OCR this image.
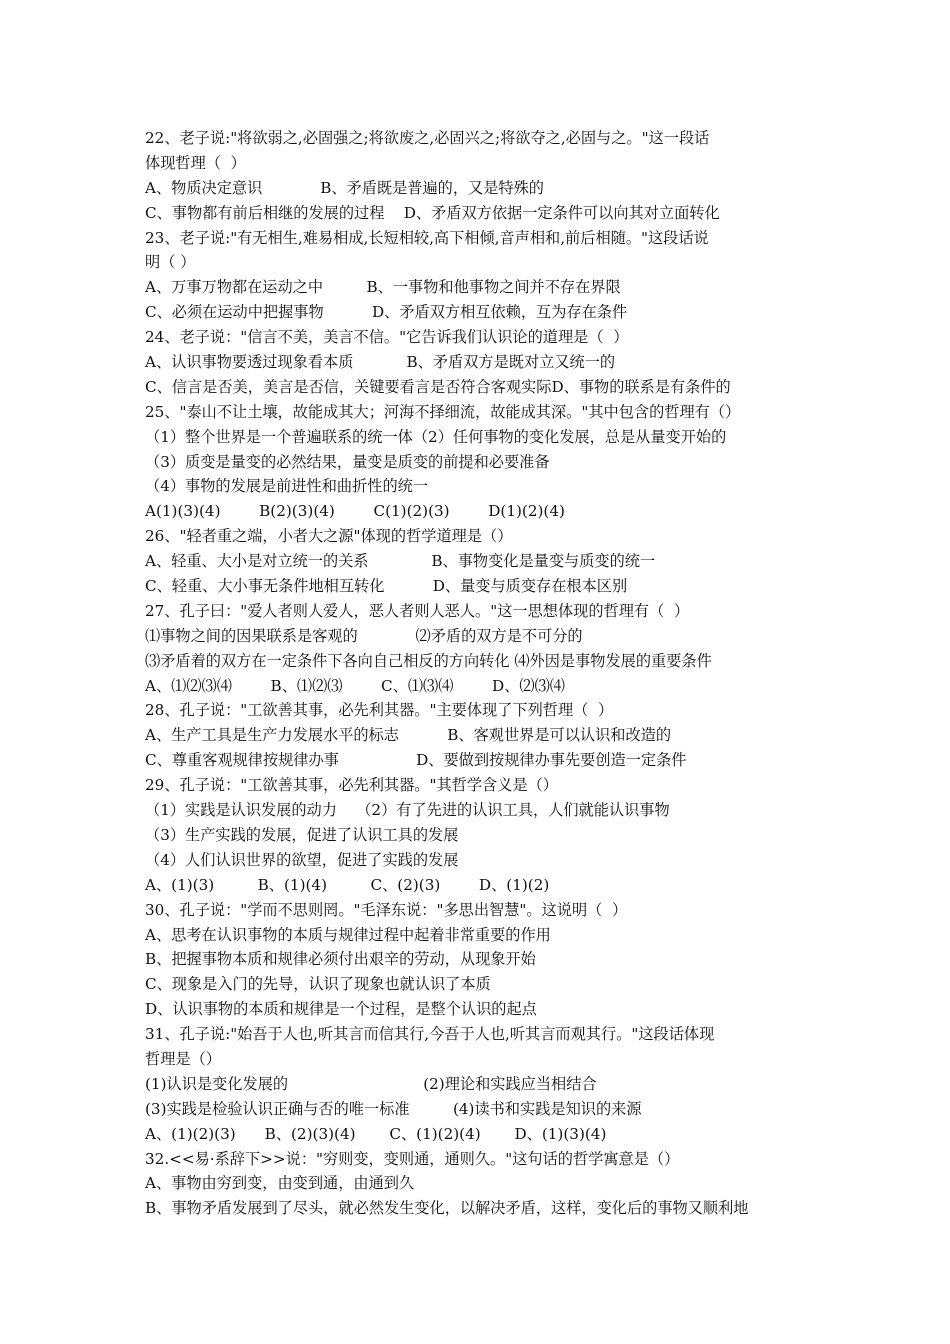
22、老子说:"将欲弱之,必固强之;将欲废之,必固兴之;将欲夺之,必固与之。"这一段话
体现哲理（  ）
A、物质决定意识            B、矛盾既是普遍的，又是特殊的
C、事物都有前后相继的发展的过程    D、矛盾双方依据一定条件可以向其对立面转化
23、老子说:"有无相生,难易相成,长短相较,高下相倾,音声相和,前后相随。"这段话说
明（ ）
A、万事万物都在运动之中         B、一事物和他事物之间并不存在界限
C、必须在运动中把握事物          D、矛盾双方相互依赖，互为存在条件
24、老子说："信言不美，美言不信。"它告诉我们认识论的道理是（  ）
A、认识事物要透过现象看本质           B、矛盾双方是既对立又统一的
C、信言是否美，美言是否信，关键要看言是否符合客观实际D、事物的联系是有条件的
25、"泰山不让土壤，故能成其大；河海不择细流，故能成其深。"其中包含的哲理有（）
（1）整个世界是一个普遍联系的统一体（2）任何事物的变化发展，总是从量变开始的
（3）质变是量变的必然结果，量变是质变的前提和必要准备
（4）事物的发展是前进性和曲折性的统一
A(1)(3)(4)        B(2)(3)(4)        C(1)(2)(3)        D(1)(2)(4)
26、"轻者重之端，小者大之源"体现的哲学道理是（）
A、轻重、大小是对立统一的关系             B、事物变化是量变与质变的统一
C、轻重、大小事无条件地相互转化          D、量变与质变存在根本区别
27、孔子曰："爱人者则人爱人，恶人者则人恶人。"这一思想体现的哲理有（  ）
⑴事物之间的因果联系是客观的            ⑵矛盾的双方是不可分的
⑶矛盾着的双方在一定条件下各向自己相反的方向转化 ⑷外因是事物发展的重要条件
A、⑴⑵⑶⑷        B、⑴⑵⑶        C、⑴⑶⑷        D、⑵⑶⑷
28、孔子说："工欲善其事，必先利其器。"主要体现了下列哲理（  ）
A、生产工具是生产力发展水平的标志          B、客观世界是可以认识和改造的
C、尊重客观规律按规律办事                D、要做到按规律办事先要创造一定条件
29、孔子说："工欲善其事，必先利其器。"其哲学含义是（）
（1）实践是认识发展的动力    （2）有了先进的认识工具，人们就能认识事物
（3）生产实践的发展，促进了认识工具的发展
（4）人们认识世界的欲望，促进了实践的发展
A、(1)(3)         B、(1)(4)         C、(2)(3)        D、(1)(2)
30、孔子说："学而不思则罔。"毛泽东说："多思出智慧"。这说明（  ）
A、思考在认识事物的本质与规律过程中起着非常重要的作用
B、把握事物本质和规律必须付出艰辛的劳动，从现象开始
C、现象是入门的先导，认识了现象也就认识了本质
D、认识事物的本质和规律是一个过程，是整个认识的起点
31、孔子说:"始吾于人也,听其言而信其行,今吾于人也,听其言而观其行。"这段话体现
哲理是（）
(1)认识是变化发展的                            (2)理论和实践应当相结合
(3)实践是检验认识正确与否的唯一标准         (4)读书和实践是知识的来源
A、(1)(2)(3)      B、(2)(3)(4)       C、(1)(2)(4)       D、(1)(3)(4)
32.<<易·系辞下>>说："穷则变，变则通，通则久。"这句话的哲学寓意是（）
A、事物由穷到变，由变到通，由通到久
B、事物矛盾发展到了尽头，就必然发生变化，以解决矛盾，这样，变化后的事物又顺利地
